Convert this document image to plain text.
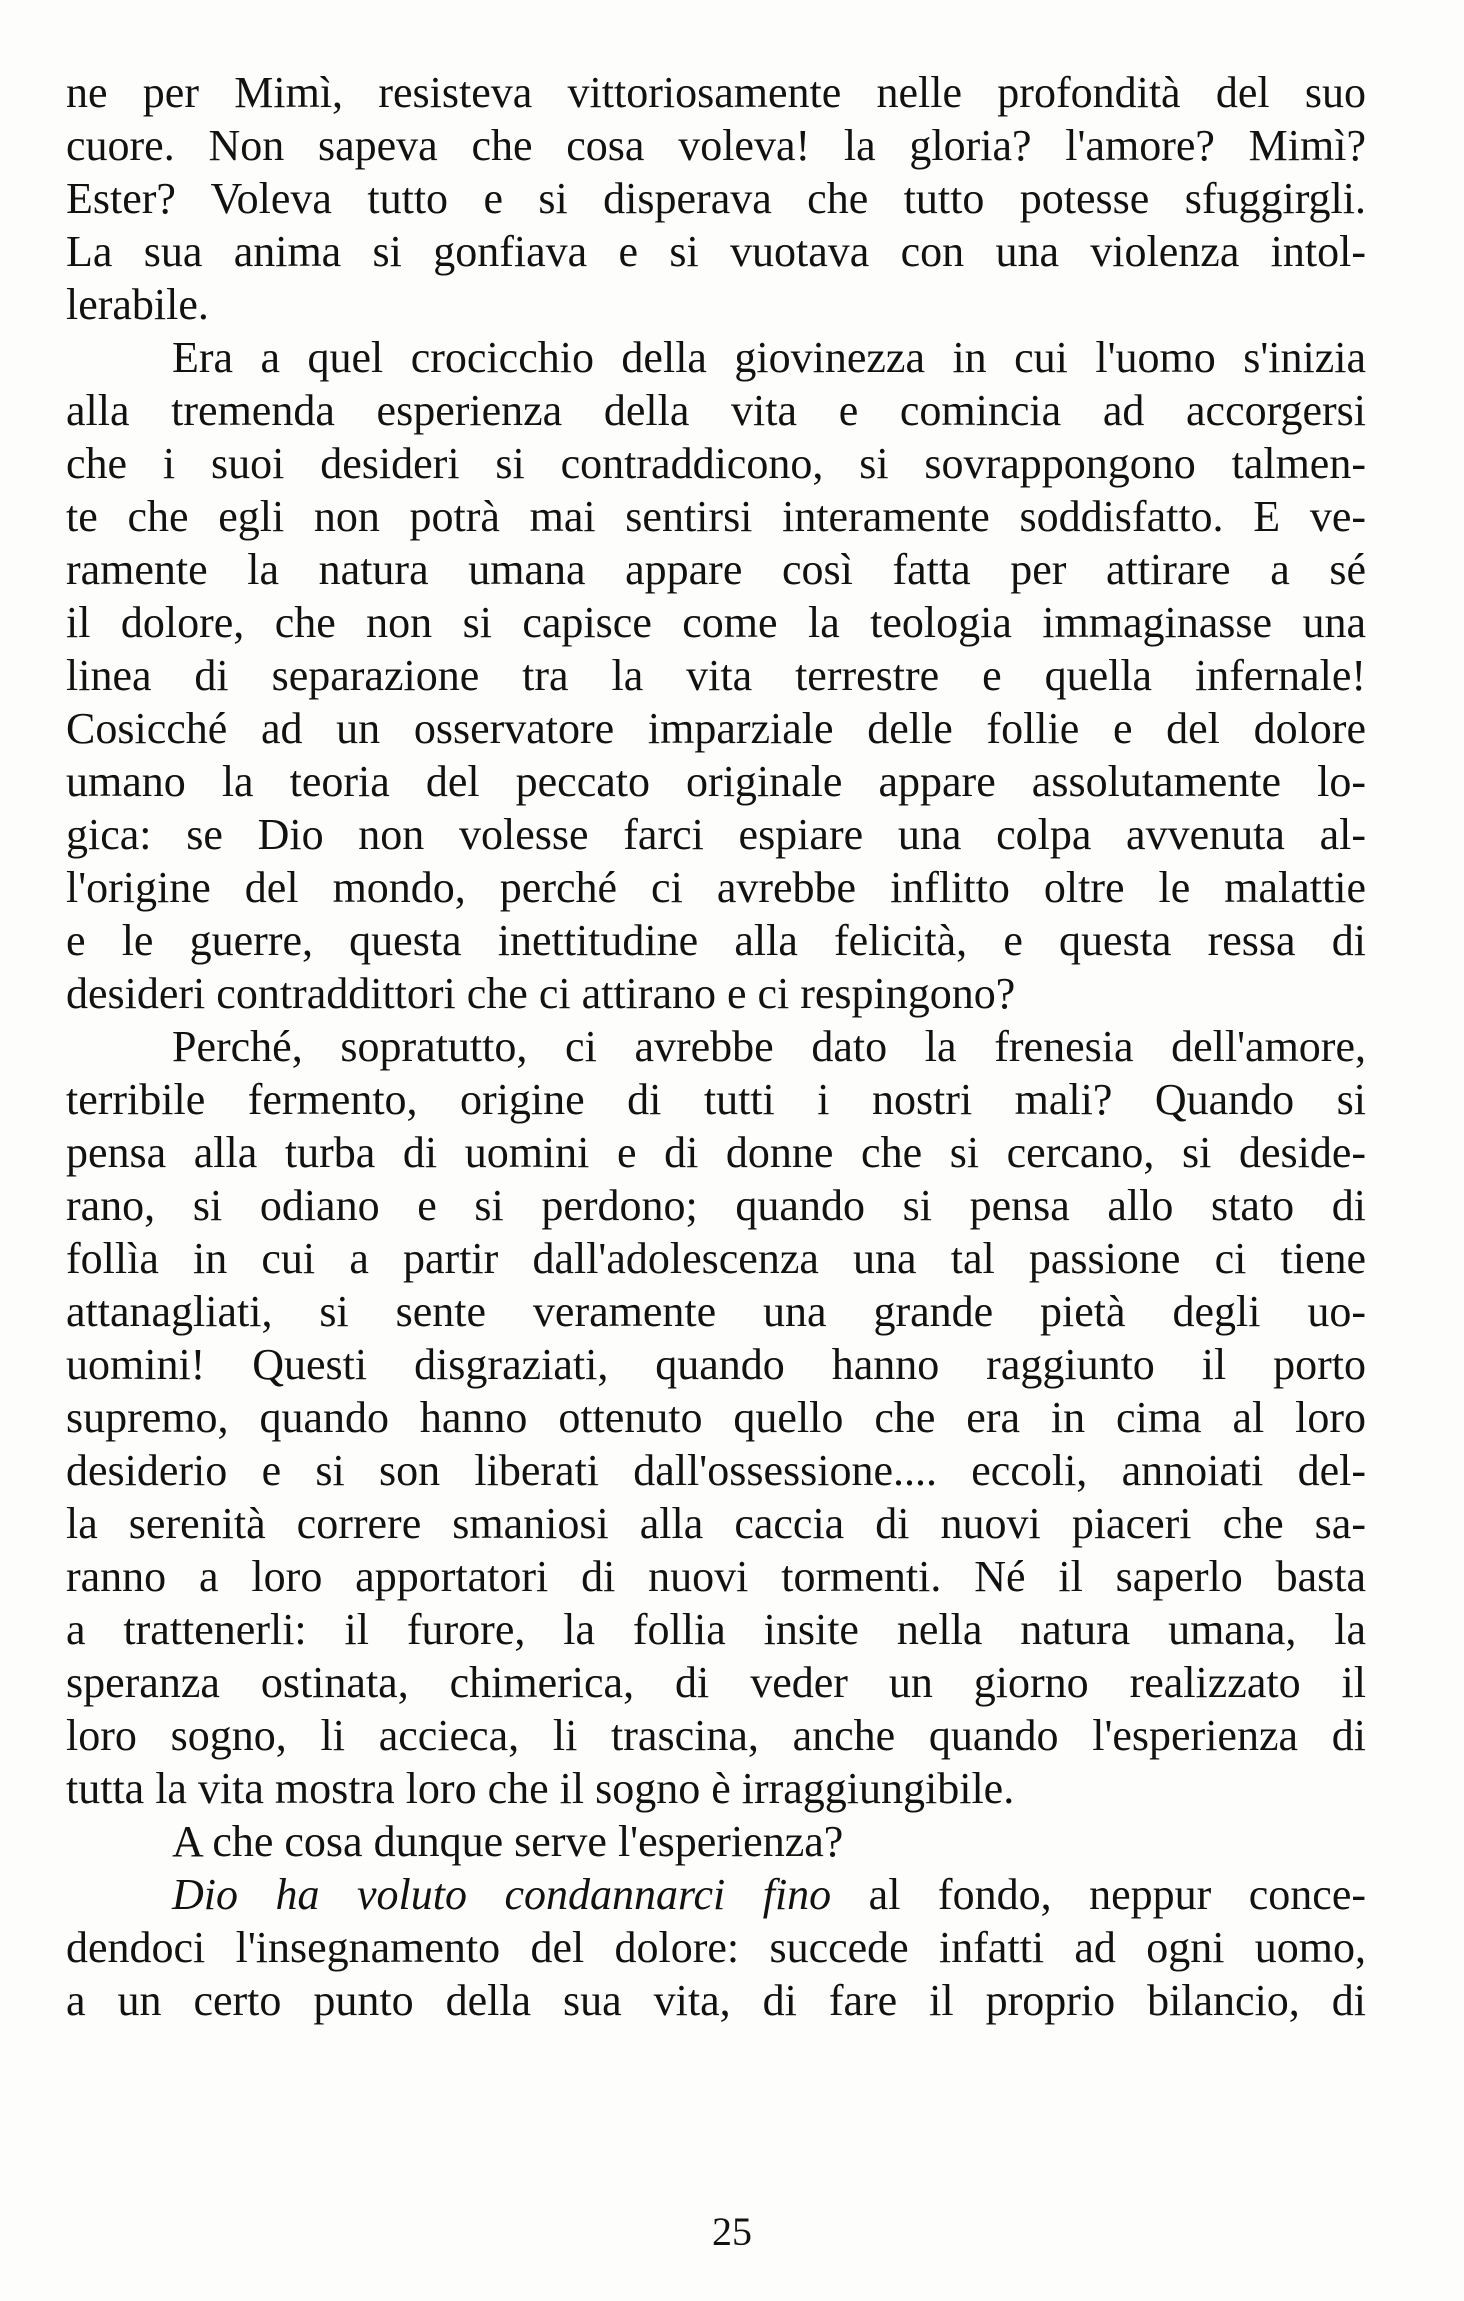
ne per Mimì, resisteva vittoriosamente nelle profondità del suo
cuore. Non sapeva che cosa voleva! la gloria? l'amore? Mimì?
Ester? Voleva tutto e si disperava che tutto potesse sfuggirgli.
La sua anima si gonfiava e si vuotava con una violenza intol-
lerabile.
Era a quel crocicchio della giovinezza in cui l'uomo s'inizia
alla tremenda esperienza della vita e comincia ad accorgersi
che i suoi desideri si contraddicono, si sovrappongono talmen-
te che egli non potrà mai sentirsi interamente soddisfatto. E ve-
ramente la natura umana appare così fatta per attirare a sé
il dolore, che non si capisce come la teologia immaginasse una
linea di separazione tra la vita terrestre e quella infernale!
Cosicché ad un osservatore imparziale delle follie e del dolore
umano la teoria del peccato originale appare assolutamente lo-
gica: se Dio non volesse farci espiare una colpa avvenuta al-
l'origine del mondo, perché ci avrebbe inflitto oltre le malattie
e le guerre, questa inettitudine alla felicità, e questa ressa di
desideri contraddittori che ci attirano e ci respingono?
Perché, sopratutto, ci avrebbe dato la frenesia dell'amore,
terribile fermento, origine di tutti i nostri mali? Quando si
pensa alla turba di uomini e di donne che si cercano, si deside-
rano, si odiano e si perdono; quando si pensa allo stato di
follìa in cui a partir dall'adolescenza una tal passione ci tiene
attanagliati, si sente veramente una grande pietà degli uo-
uomini! Questi disgraziati, quando hanno raggiunto il porto
supremo, quando hanno ottenuto quello che era in cima al loro
desiderio e si son liberati dall'ossessione.... eccoli, annoiati del-
la serenità correre smaniosi alla caccia di nuovi piaceri che sa-
ranno a loro apportatori di nuovi tormenti. Né il saperlo basta
a trattenerli: il furore, la follia insite nella natura umana, la
speranza ostinata, chimerica, di veder un giorno realizzato il
loro sogno, li accieca, li trascina, anche quando l'esperienza di
tutta la vita mostra loro che il sogno è irraggiungibile.
A che cosa dunque serve l'esperienza?
Dio ha voluto condannarci fino al fondo, neppur conce-
dendoci l'insegnamento del dolore: succede infatti ad ogni uomo,
a un certo punto della sua vita, di fare il proprio bilancio, di
25
